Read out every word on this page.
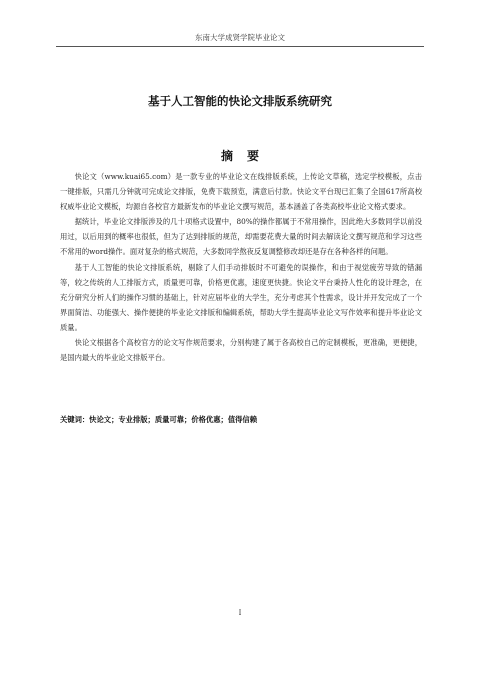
东南大学成贤学院毕业论文
基于人工智能的快论文排版系统研究
摘要

快论文（www.kuai65.com）是一款专业的毕业论文在线排版系统，上传论文草稿，选定学校模板，点击一键排版，只需几分钟就可完成论文排版，免费下载预览，满意后付款。快论文平台现已汇集了全国617所高校权威毕业论文模板，均源自各校官方最新发布的毕业论文撰写规范，基本涵盖了各类高校毕业论文格式要求。

据统计，毕业论文排版涉及的几十项格式设置中，80%的操作都属于不常用操作，因此绝大多数同学以前没用过，以后用到的概率也很低，但为了达到排版的规范，却需要花费大量的时间去解读论文撰写规范和学习这些不常用的word操作。面对复杂的格式规范，大多数同学熬夜反复调整修改却还是存在各种各样的问题。

基于人工智能的快论文排版系统，剔除了人们手动排版时不可避免的误操作，和由于视觉疲劳导致的错漏等，较之传统的人工排版方式，质量更可靠，价格更优惠，速度更快捷。快论文平台秉持人性化的设计理念，在充分研究分析人们的操作习惯的基础上，针对应届毕业的大学生，充分考虑其个性需求，设计并开发完成了一个界面简洁、功能强大、操作便捷的毕业论文排版和编辑系统，帮助大学生提高毕业论文写作效率和提升毕业论文质量。

快论文根据各个高校官方的论文写作规范要求，分别构建了属于各高校自己的定制模板，更准确，更便捷，是国内最大的毕业论文排版平台。

关键词：快论文；专业排版；质量可靠；价格优惠；值得信赖
I
